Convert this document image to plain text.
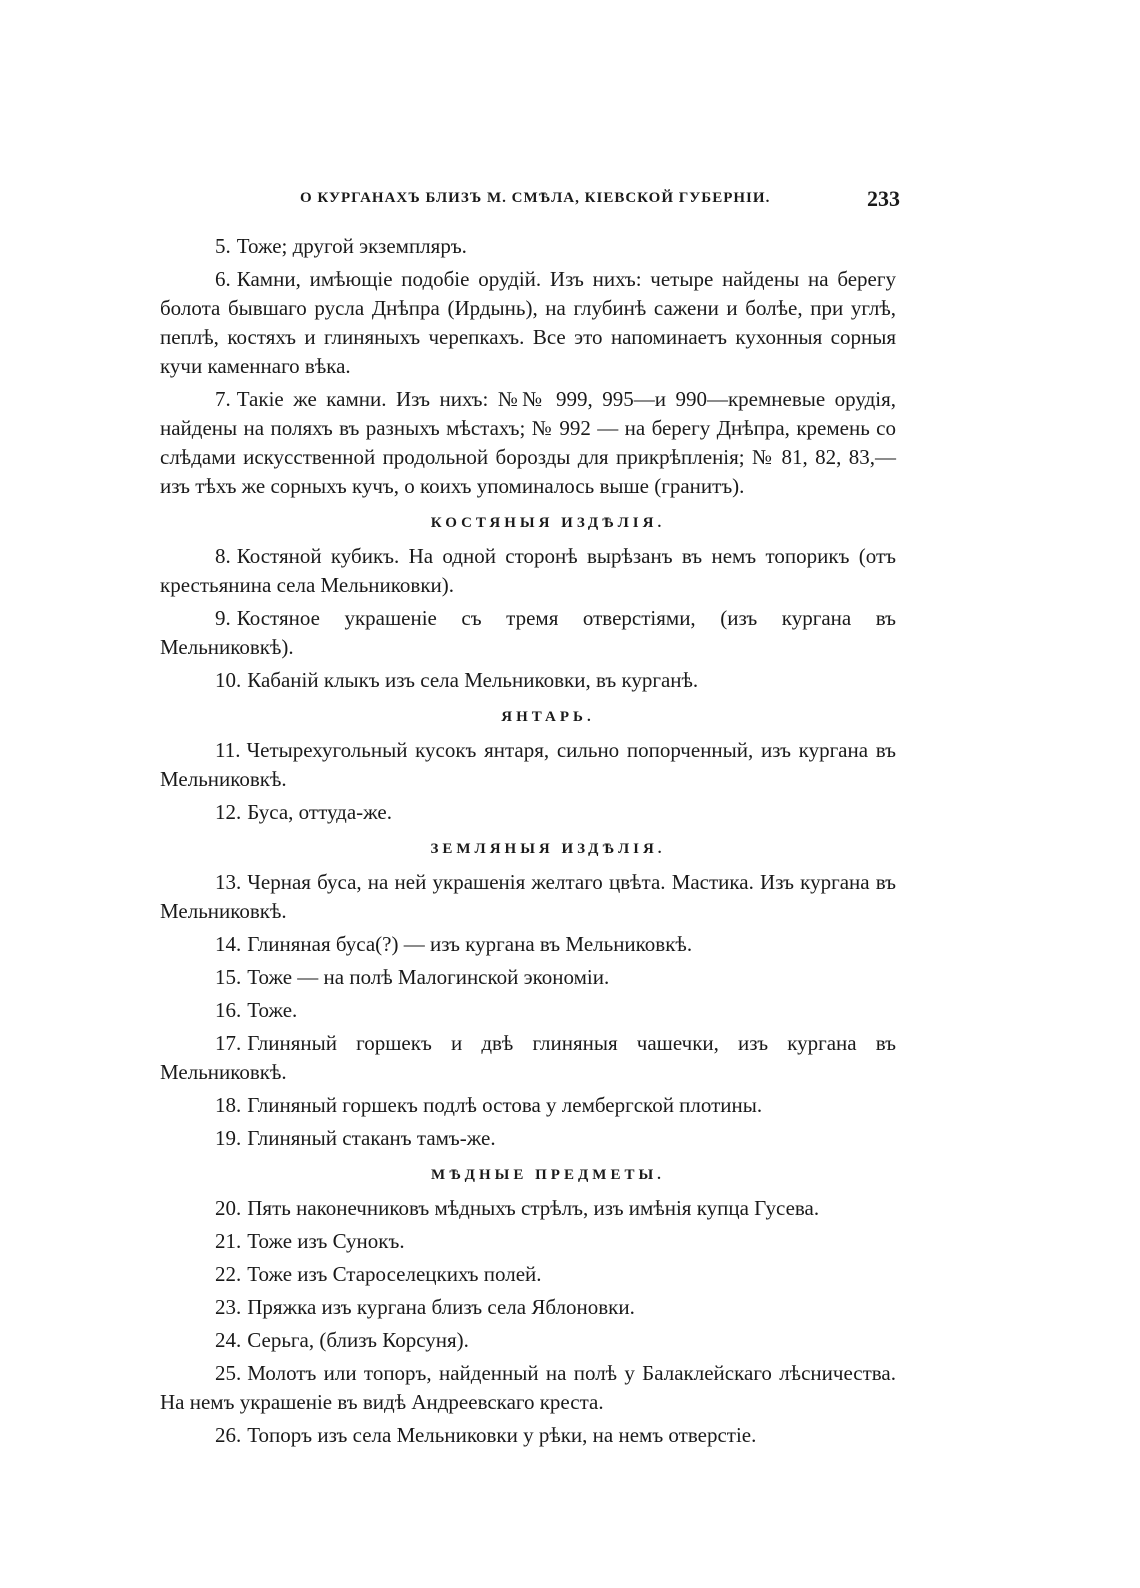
О КУРГАНАХЪ БЛИЗЪ М. СМѢЛА, КІЕВСКОЙ ГУБЕРНІИ.	233

5. Тоже; другой экземпляръ.

6. Камни, имѣющіе подобіе орудій. Изъ нихъ: четыре найдены на берегу болота бывшаго русла Днѣпра (Ирдынь), на глубинѣ сажени и болѣе, при углѣ, пеплѣ, костяхъ и глиняныхъ черепкахъ. Все это напоминаетъ кухонныя сорныя кучи каменнаго вѣка.

7. Такіе же камни. Изъ нихъ: №№ 999, 995—и 990—кремневые орудія, найдены на поляхъ въ разныхъ мѣстахъ; № 992 — на берегу Днѣпра, кремень со слѣдами искусственной продольной борозды для прикрѣпленія; № 81, 82, 83,—изъ тѣхъ же сорныхъ кучъ, о коихъ упоминалось выше (гранитъ).

КОСТЯНЫЯ ИЗДѢЛІЯ.

8. Костяной кубикъ. На одной сторонѣ вырѣзанъ въ немъ топорикъ (отъ крестьянина села Мельниковки).

9. Костяное украшеніе съ тремя отверстіями, (изъ кургана въ Мельниковкѣ).

10. Кабаній клыкъ изъ села Мельниковки, въ курганѣ.

ЯНТАРЬ.

11. Четырехугольный кусокъ янтаря, сильно попорченный, изъ кургана въ Мельниковкѣ.

12. Буса, оттуда-же.

ЗЕМЛЯНЫЯ ИЗДѢЛІЯ.

13. Черная буса, на ней украшенія желтаго цвѣта. Мастика. Изъ кургана въ Мельниковкѣ.

14. Глиняная буса(?) — изъ кургана въ Мельниковкѣ.

15. Тоже — на полѣ Малогинской экономіи.

16. Тоже.

17. Глиняный горшекъ и двѣ глиняныя чашечки, изъ кургана въ Мельниковкѣ.

18. Глиняный горшекъ подлѣ остова у лембергской плотины.

19. Глиняный стаканъ тамъ-же.

МѢДНЫЕ ПРЕДМЕТЫ.

20. Пять наконечниковъ мѣдныхъ стрѣлъ, изъ имѣнія купца Гусева.

21. Тоже изъ Сунокъ.

22. Тоже изъ Староселецкихъ полей.

23. Пряжка изъ кургана близъ села Яблоновки.

24. Серьга, (близъ Корсуня).

25. Молотъ или топоръ, найденный на полѣ у Балаклейскаго лѣсничества. На немъ украшеніе въ видѣ Андреевскаго креста.

26. Топоръ изъ села Мельниковки у рѣки, на немъ отверстіе.
